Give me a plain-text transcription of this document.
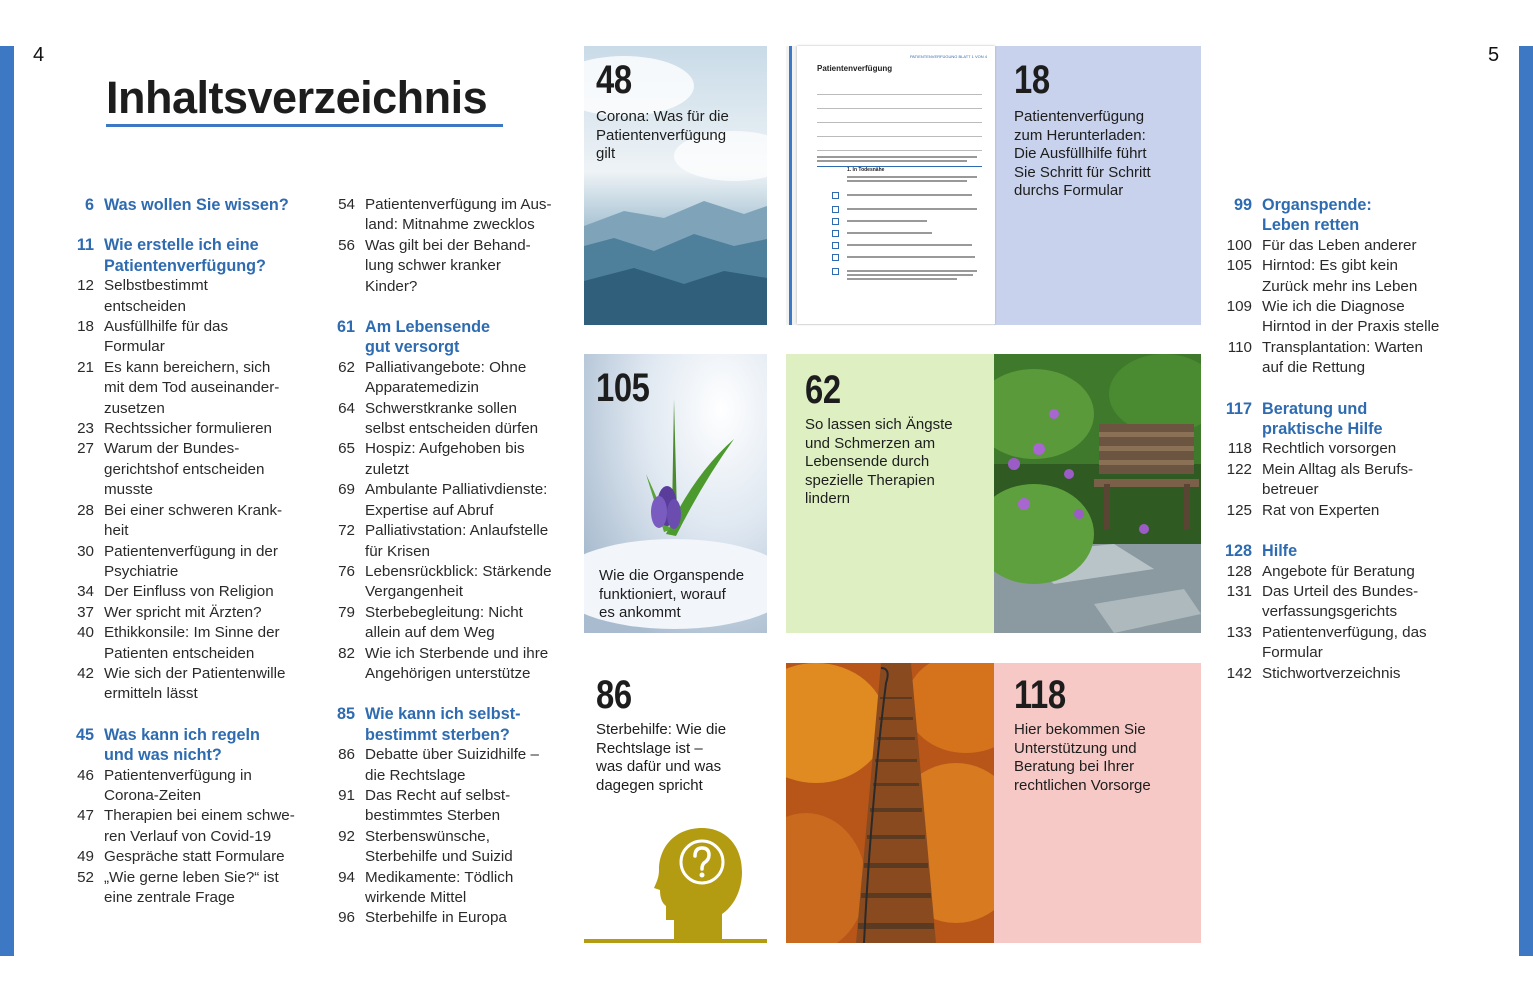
4	5
Inhaltsverzeichnis
6 Was wollen Sie wissen?
11 Wie erstelle ich eine
Patientenverfügung?
12 Selbstbestimmt
entscheiden
18 Ausfüllhilfe für das
Formular
21 Es kann bereichern, sich
mit dem Tod auseinander-
zusetzen
23 Rechtssicher formulieren
27 Warum der Bundes-
gerichtshof entscheiden
musste
28 Bei einer schweren Krank-
heit
30 Patientenverfügung in der
Psychiatrie
34 Der Einfluss von Religion
37 Wer spricht mit Ärzten?
40 Ethikkonsile: Im Sinne der
Patienten entscheiden
42 Wie sich der Patientenwille
ermitteln lässt
45 Was kann ich regeln
und was nicht?
46 Patientenverfügung in
Corona-Zeiten
47 Therapien bei einem schwe-
ren Verlauf von Covid-19
49 Gespräche statt Formulare
52 „Wie gerne leben Sie?“ ist
eine zentrale Frage
54 Patientenverfügung im Aus-
land: Mitnahme zwecklos
56 Was gilt bei der Behand-
lung schwer kranker
Kinder?
61 Am Lebensende
gut versorgt
62 Palliativangebote: Ohne
Apparatemedizin
64 Schwerstkranke sollen
selbst entscheiden dürfen
65 Hospiz: Aufgehoben bis
zuletzt
69 Ambulante Palliativdienste:
Expertise auf Abruf
72 Palliativstation: Anlaufstelle
für Krisen
76 Lebensrückblick: Stärkende
Vergangenheit
79 Sterbebegleitung: Nicht
allein auf dem Weg
82 Wie ich Sterbende und ihre
Angehörigen unterstütze
85 Wie kann ich selbst-
bestimmt sterben?
86 Debatte über Suizidhilfe –
die Rechtslage
91 Das Recht auf selbst-
bestimmtes Sterben
92 Sterbenswünsche,
Sterbehilfe und Suizid
94 Medikamente: Tödlich
wirkende Mittel
96 Sterbehilfe in Europa
99 Organspende:
Leben retten
100 Für das Leben anderer
105 Hirntod: Es gibt kein
Zurück mehr ins Leben
109 Wie ich die Diagnose
Hirntod in der Praxis stelle
110 Transplantation: Warten
auf die Rettung
117 Beratung und
praktische Hilfe
118 Rechtlich vorsorgen
122 Mein Alltag als Berufs-
betreuer
125 Rat von Experten
128 Hilfe
128 Angebote für Beratung
131 Das Urteil des Bundes-
verfassungsgerichts
133 Patientenverfügung, das
Formular
142 Stichwortverzeichnis
48
Corona: Was für die
Patientenverfügung
gilt
18
Patientenverfügung
zum Herunterladen:
Die Ausfüllhilfe führt
Sie Schritt für Schritt
durchs Formular
PATIENTENVERFÜGUNG BLATT 1 VON 4
Patientenverfügung
1. In Todesnähe
105
Wie die Organspende
funktioniert, worauf
es ankommt
62
So lassen sich Ängste
und Schmerzen am
Lebensende durch
spezielle Therapien
lindern
86
Sterbehilfe: Wie die
Rechtslage ist –
was dafür und was
dagegen spricht
118
Hier bekommen Sie
Unterstützung und
Beratung bei Ihrer
rechtlichen Vorsorge
